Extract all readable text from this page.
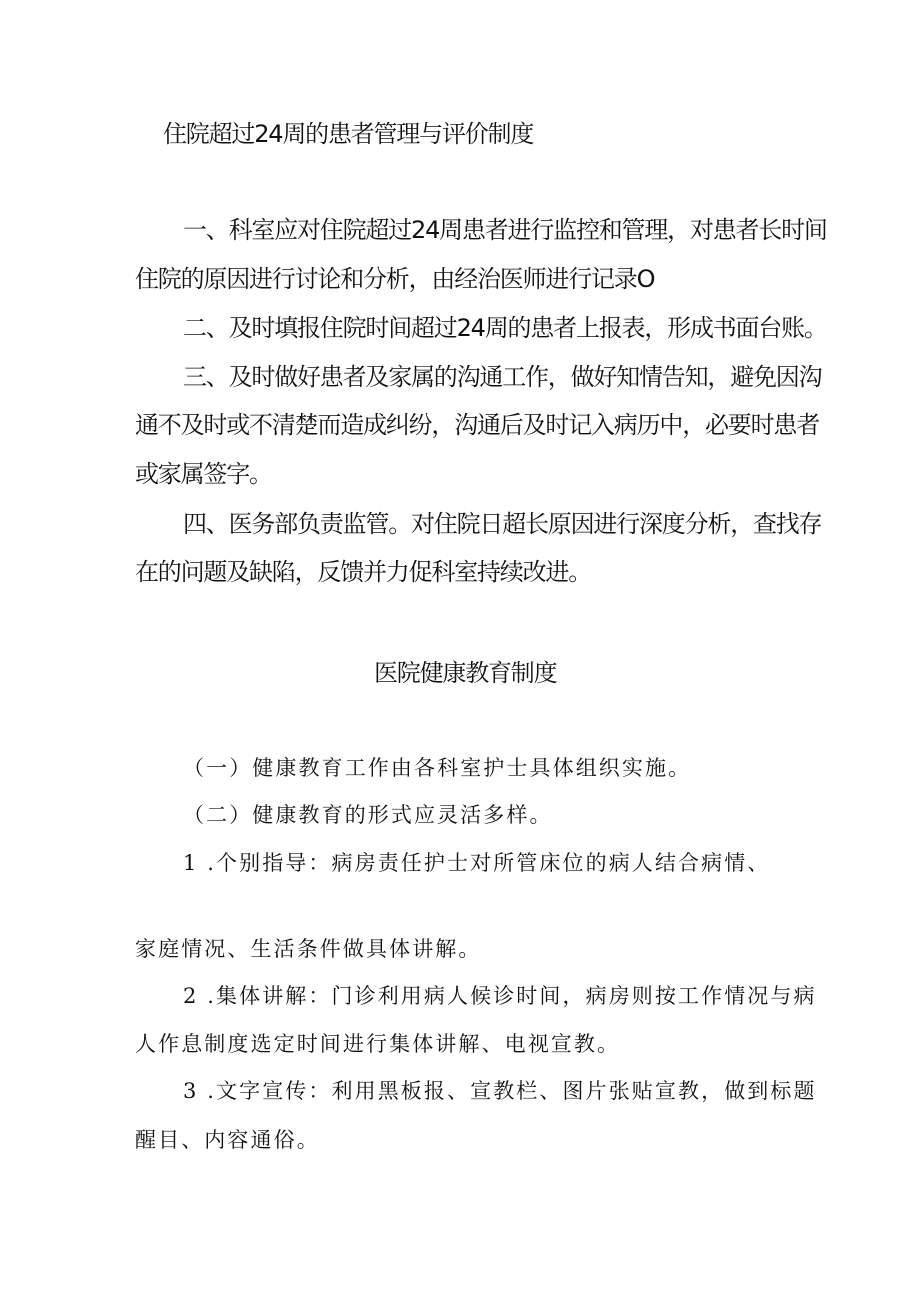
住院超过24周的患者管理与评价制度
一、科室应对住院超过24周患者进行监控和管理，对患者长时间
住院的原因进行讨论和分析，由经治医师进行记录O
二、及时填报住院时间超过24周的患者上报表，形成书面台账。
三、及时做好患者及家属的沟通工作，做好知情告知，避免因沟
通不及时或不清楚而造成纠纷，沟通后及时记入病历中，必要时患者
或家属签字。
四、医务部负责监管。对住院日超长原因进行深度分析，查找存
在的问题及缺陷，反馈并力促科室持续改进。
医院健康教育制度
（一）健康教育工作由各科室护士具体组织实施。
（二）健康教育的形式应灵活多样。
1 .个别指导：病房责任护士对所管床位的病人结合病情、
家庭情况、生活条件做具体讲解。
2 .集体讲解：门诊利用病人候诊时间，病房则按工作情况与病
人作息制度选定时间进行集体讲解、电视宣教。
3 .文字宣传：利用黑板报、宣教栏、图片张贴宣教，做到标题
醒目、内容通俗。
